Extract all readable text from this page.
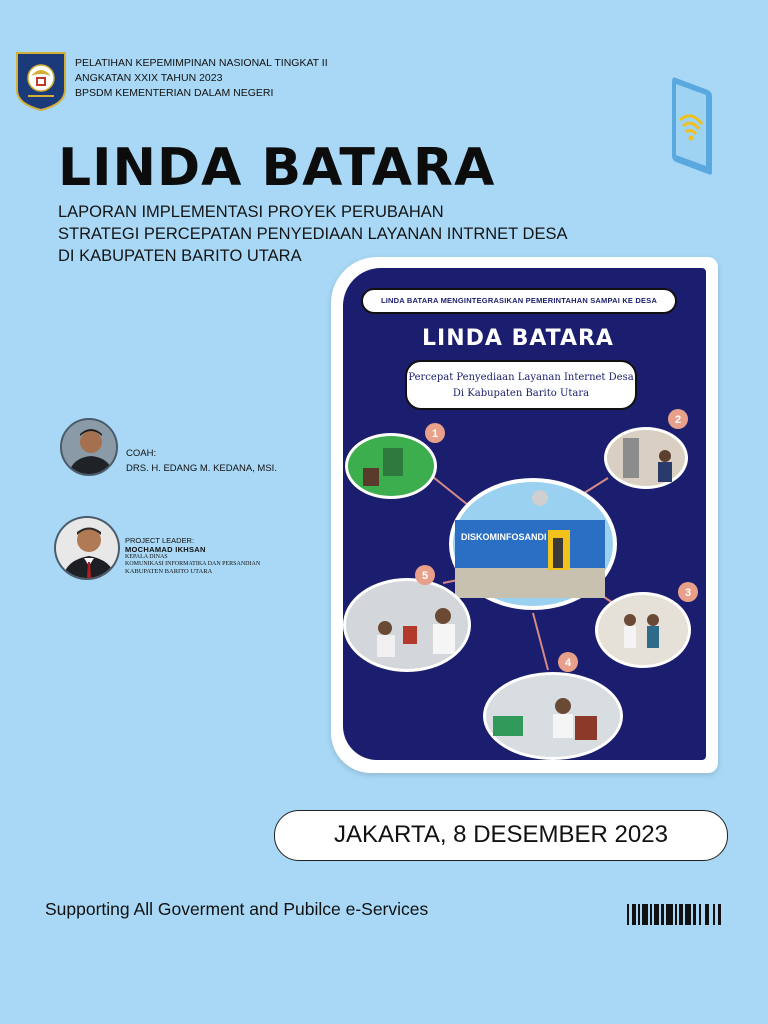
PELATIHAN KEPEMIMPINAN NASIONAL TINGKAT II
ANGKATAN XXIX TAHUN 2023
BPSDM KEMENTERIAN DALAM NEGERI
LINDA BATARA
LAPORAN IMPLEMENTASI PROYEK PERUBAHAN
STRATEGI PERCEPATAN PENYEDIAAN LAYANAN INTRNET DESA
DI KABUPATEN BARITO UTARA
COAH:
DRS. H. EDANG M. KEDANA, MSI.
PROJECT LEADER:
MOCHAMAD IKHSAN
KEPALA DINAS
KOMUNIKASI INFORMATIKA DAN PERSANDIAN
KABUPATEN BARITO UTARA
DISKOMINFOSANDI
1
2
3
4
5
LINDA BATARA MENGINTEGRASIKAN PEMERINTAHAN SAMPAI KE DESA
LINDA BATARA
Percepat Penyediaan Layanan Internet Desa
Di Kabupaten Barito Utara
JAKARTA, 8 DESEMBER 2023
Supporting All Goverment and Pubilce e-Services
